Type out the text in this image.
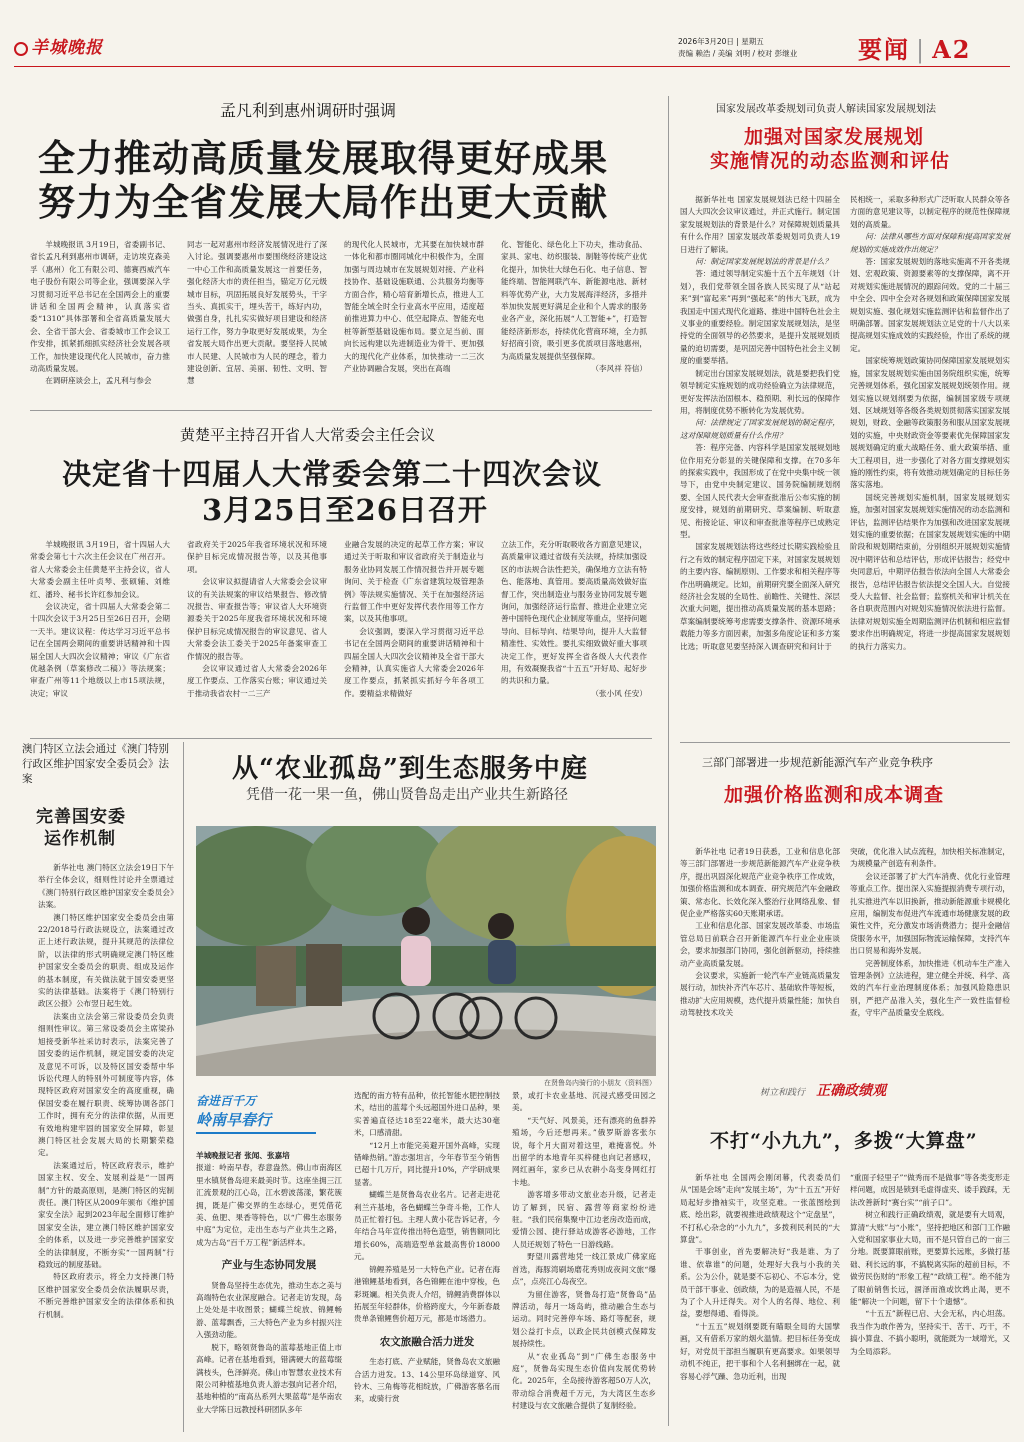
羊城晚报	2026年3月20日 | 星期五
责编 赖浩 / 美编 刘明 / 校对 彭继业	要闻 | A2
孟凡利到惠州调研时强调
全力推动高质量发展取得更好成果
努力为全省发展大局作出更大贡献

羊城晚报讯 3月19日，省委副书记、省长孟凡利到惠州市调研，走访埃克森美孚（惠州）化工有限公司、德赛西威汽车电子股份有限公司等企业，强调要深入学习贯彻习近平总书记在全国两会上的重要讲话和全国两会精神，认真落实省委“1310”具体部署和全省高质量发展大会、全省干部大会、省委城市工作会议工作安排，抓紧抓细抓实经济社会发展各项工作，加快建设现代化人民城市，奋力推动高质量发展。

在调研座谈会上，孟凡利与参会

同志一起对惠州市经济发展情况进行了深入讨论。强调要惠州市要围绕经济建设这一中心工作和高质量发展这一首要任务，强化经济大市的责任担当，锚定万亿元级城市目标，巩固拓展良好发展势头，干字当头、真抓实干，埋头苦干，练好内功，做强自身，扎扎实实做好项目建设和经济运行工作，努力争取更好发展成果，为全省发展大局作出更大贡献。要坚持人民城市人民建、人民城市为人民的理念，着力建设创新、宜居、美丽、韧性、文明、智慧

的现代化人民城市，尤其要在加快城市群一体化和都市圈同城化中积极作为，全面加强与周边城市在发展规划对接、产业科技协作、基础设施联通、公共服务均衡等方面合作，精心培育新增长点，推进人工智能全域全时全行业高水平应用，适度超前推进算力中心、低空起降点、智能充电桩等新型基础设施布局。要立足当前、面向长远构建以先进制造业为骨干、更加强大的现代化产业体系，加快推动一二三次产业协调融合发展，突出在高端

化、智能化、绿色化上下功夫，推动食品、家具、家电、纺织服装、制鞋等传统产业优化提升，加快壮大绿色石化、电子信息、智能终端、智能网联汽车、新能源电池、新材料等优势产业，大力发展海洋经济，多措并举加快发展更好满足企业和个人需求的服务业各产业，深化拓展“人工智能+”，打造智能经济新形态，持续优化营商环境，全力抓好招商引资，吸引更多优质项目落地惠州，为高质量发展提供坚强保障。

（李风祥 符信）
黄楚平主持召开省人大常委会主任会议
决定省十四届人大常委会第二十四次会议
3月25日至26日召开

羊城晚报讯 3月19日，省十四届人大常委会第七十六次主任会议在广州召开。省人大常委会主任黄楚平主持会议，省人大常委会副主任叶贞琴、张硕辅、刘维红、潘玲、秘书长许红参加会议。

会议决定，省十四届人大常委会第二十四次会议于3月25日至26日召开，会期一天半。建议议程：传达学习习近平总书记在全国两会期间的重要讲话精神和十四届全国人大四次会议精神；审议《广东省优越条例（草案修改二稿）》等法规案；审查广州等11个地级以上市15项法规，决定；审议

省政府关于2025年我省环境状况和环境保护目标完成情况报告等，以及其他事项。

会议审议拟提请省人大常委会会议审议的有关法规案的审议结果报告、修改情况报告、审查报告等；审议省人大环境资源委关于2025年度我省环境状况和环境保护目标完成情况报告的审议意见、省人大常委会法工委关于2025年备案审查工作情况的报告等。

会议审议通过省人大常委会2026年度工作要点、工作落实台账；审议通过关于推动我省农村一二三产

业融合发展的决定的起草工作方案；审议通过关于听取和审议省政府关于制造业与服务业协同发展工作情况报告并开展专题询问、关于检查《广东省建筑垃圾管理条例》等法规实施情况、关于在加强经济运行监督工作中更好发挥代表作用等工作方案，以及其他事项。

会议强调，要深入学习贯彻习近平总书记在全国两会期间的重要讲话精神和十四届全国人大四次会议精神及全省干部大会精神，认真实施省人大常委会2026年度工作要点，抓紧抓实抓好今年各项工作。要精益求精做好

立法工作，充分听取吸收各方面意见建议，高质量审议通过省级有关法规，持续加强设区的市法规合法性把关，确保地方立法有特色、能落地、真管用。要高质量高效做好监督工作，突出制造业与服务业协同发展专题询问，加强经济运行监督、推进企业建立完善中国特色现代企业制度等重点，坚持问题导向、目标导向、结果导向，提升人大监督精准性、实效性。要扎实细致做好重大事项决定工作，更好发挥全省各级人大代表作用，有效凝聚我省“十五五”开好局、起好步的共识和力量。

（张小风 任安）
国家发展改革委规划司负责人解读国家发展规划法
加强对国家发展规划
实施情况的动态监测和评估

据新华社电 国家发展规划法已经十四届全国人大四次会议审议通过，并正式施行。制定国家发展规划法的背景是什么？对保障规划质量具有什么作用？国家发展改革委规划司负责人19日进行了解读。

问：制定国家发展规划法的背景是什么？

答：通过领导制定实施十五个五年规划（计划），我们党带领全国各族人民实现了从“站起来”到“富起来”再到“强起来”的伟大飞跃，成为我国走中国式现代化道路、推进中国特色社会主义事业的重要经验。制定国家发展规划法，是坚持党的全面领导的必然要求，是提升发展规划质量的迫切需要，是巩固完善中国特色社会主义制度的重要举措。

制定出台国家发展规划法，就是要把我们党领导制定实施规划的成功经验确立为法律规范，更好发挥法治固根本、稳预期、利长远的保障作用，将制度优势不断转化为发展优势。

问：法律规定了国家发展规划的制定程序，这对保障规划质量有什么作用？

答：程序完备、内容科学是国家发展规划地位作用充分彰显的关键保障和支撑。在70多年的探索实践中，我国形成了在党中央集中统一领导下，由党中央制定建议、国务院编制规划纲要、全国人民代表大会审查批准后公布实施的制度安排，规划的前期研究、草案编制、听取意见、衔接论证、审议和审查批准等程序已成熟定型。

国家发展规划法将这些经过长期实践检验且行之有效的制定程序固定下来，对国家发展规划的主要内容、编制原则、工作要求和相关程序等作出明确规定。比如，前期研究要全面深入研究经济社会发展的全局性、前瞻性、关键性、深层次重大问题，提出推动高质量发展的基本思路；草案编制要统筹考虑需要支撑条件、资源环境承载能力等多方面因素，加强多角度论证和多方案比选；听取意见要坚持深入调查研究和问计于

民相统一，采取多种形式广泛听取人民群众等各方面的意见建议等，以制定程序的规范性保障规划的高质量。

问：法律从哪些方面对保障和提高国家发展规划的实施成效作出规定？

答：国家发展规划的落地实施离不开各类规划、宏观政策、资源要素等的支撑保障，离不开对规划实施进展情况的跟踪问效。党的二十届三中全会、四中全会对各规划和政策保障国家发展规划实施、强化规划实施监测评估和监督作出了明确部署。国家发展规划法立足党的十八大以来提高规划实施成效的实践经验，作出了系统的规定。

国家统筹规划政策协同保障国家发展规划实施，国家发展规划实施由国务院组织实施，统筹完善规划体系，强化国家发展规划统领作用。规划实施以规划纲要为依据，编制国家级专项规划、区域规划等各级各类规划贯彻落实国家发展规划，财政、金融等政策服务和服从国家发展规划的实施，中央财政资金等要素优先保障国家发展规划确定的重大战略任务、重大政策举措、重大工程项目，进一步强化了对各方面支撑规划实施的刚性约束，将有效推动规划确定的目标任务落实落地。

国统完善规划实施机制，国家发展规划实施，加强对国家发展规划实施情况的动态监测和评估，监测评估结果作为加强和改进国家发展规划实施的重要依据；在国家发展规划实施的中期阶段和规划期结束前，分别组织开展规划实施情况中期评估和总结评估，形成评估报告；经党中央同意后，中期评估报告依法向全国人大常委会报告，总结评估报告依法提交全国人大。自觉接受人大监督、社会监督；监察机关和审计机关在各自职责范围内对规划实施情况依法进行监督。法律对规划实施全周期监测评估机制和相应监督要求作出明确规定，将进一步提高国家发展规划的执行力落实力。

三部门部署进一步规范新能源汽车产业竞争秩序
加强价格监测和成本调查

新华社电 记者19日获悉，工业和信息化部等三部门部署进一步规范新能源汽车产业竞争秩序，提出巩固深化规范产业竞争秩序工作成效，加强价格监测和成本调查、研究规范汽车金融政策、常态化、长效化深入整治行业网络乱象、督促企业严格落实60天账期承诺。

工业和信息化部、国家发展改革委、市场监管总局日前联合召开新能源汽车行业企业座谈会，要求加强部门协同，强化创新驱动，持续推动产业高质量发展。

会议要求，实施新一轮汽车产业链高质量发展行动，加快补齐汽车芯片、基础软件等短板，推动扩大应用规模，迭代提升质量性能；加快自动驾驶技术攻关

突破，优化准入试点流程，加快相关标准制定，为规模量产创造有利条件。

会议还部署了扩大汽车消费、优化行业管理等重点工作。提出深入实施提振消费专项行动，扎实推进汽车以旧换新，推动新能源重卡规模化应用，编制发布促进汽车流通市场健康发展的政策性文件，充分激发市场消费潜力；提升金融信贷服务水平，加强国际物流运输保障，支持汽车出口贸易和海外发展。

完善制度体系，加快推进《机动车生产准入管理条例》立法进程，建立健全并统、科学、高效的汽车行业治理制度体系；加强风险隐患识别，严把产品准入关，强化生产一致性监督检查，守牢产品质量安全底线。

树立和践行 正确政绩观
不打“小九九”，多拨“大算盘”

新华社电 全国两会刚闭幕，代表委员们从“国是会场”走向“发展主场”，为“十五五”开好局起好步撸袖实干，攻坚克难。一张蓝图绘到底、绘出彩，就要视推进政绩观这个“定盘星”，不打私心杂念的“小九九”，多拨利民利民的“大算盘”。

干事创业，首先要解决好“我是谁、为了谁、依靠谁”的问题，处理好大我与小我的关系。公为公仆，就是要不忘初心、不忘本分，党员干部干事业、创政绩，为的是造福人民，不是为了个人升迁得失。对个人的名得、地位、利益，要想得通、看得淡。

“十五五”规划纲要既有瞄眼全局的大国擘画，又有借系万家的烟火温情。把目标任务变成好，对党员干部担当履职有更高要求。如果领导动机不纯正，把干事和个人名利捆绑在一起，就容易心浮气躁、急功近利，出现

“重面子轻里子”“做秀而不是做事”等各类变形走样问题，成因是锁到毛虚得虚夹、诿手践踩，无法改善新时“赛台实”“前子口”。

树立和践行正确政绩观，就是要有大局观，算清“大账”与“小账”，坚持把地区和部门工作融入党和国家事业大局，而不是只管自己的一亩三分地。既要算眼前账，更要算长远账，多做打基础、利长远的事，不搞脱离实际的超前目标，不做劳民伤财的“形象工程”“政绩工程”。绝不能为了眼前销售长远，涸泽而渔或饮鸩止渴，更不能“解决一个问题，留下十个遗憾”。

“十五五”新程已启、大会无私，内心坦荡。我当作为敢作善为，坚持实干、苦干、巧干，不搞小算盘、不搞小聪明，就能既为一域增光，又为全局添彩。

澳门特区立法会通过《澳门特别行政区维护国家安全委员会》法案
完善国安委
运作机制

新华社电 澳门特区立法会19日下午举行全体会议，细则性讨论并全票通过《澳门特别行政区维护国家安全委员会》法案。

澳门特区维护国家安全委员会由第22/2018号行政法规设立，法案通过改正上述行政法规，提升其规范的法律位阶，以法律的形式明确规定澳门特区维护国家安全委员会的职责、组成及运作的基本制度，有关做法就于国安委更坚实的法律基础。法案将于《澳门特别行政区公报》公布翌日起生效。

法案由立法会第三常设委员会负责细则性审议。第三常设委员会主席梁孙旭接受新华社采访时表示，法案完善了国安委的运作机制，规定国安委的决定及意见不可诉，以及特区国安委帮中华诉讼代理人的特别外可制度等内容，体现特区政府对国家安全的高度重视，确保国安委在履行职责、统筹协调各部门工作时，拥有充分的法律依据，从而更有效地构建牢固的国家安全屏障，彰显澳门特区社会发展大局的长期繁荣稳定。

法案通过后，特区政府表示，维护国家主权、安全、发展利益是“一国两制”方针的最高原则，是澳门特区的宪制责任。澳门特区从2009年颁布《维护国家安全法》起到2023年起全面修订维护国家安全法，建立澳门特区维护国家安全的体系，以及进一步完善维护国家安全的法律制度，不断夯实“一国两制”行稳致远的制度基础。

特区政府表示，将全力支持澳门特区维护国家安全委员会依法履职尽责，不断完善维护国家安全的法律体系和执行机制。

从“农业孤岛”到生态服务中庭
凭借一花一果一鱼，佛山贤鲁岛走出产业共生新路径
在贤鲁岛内骑行的小朋友（资料图）
奋进百千万
岭南早春行
羊城晚报记者 张闻、张嘉培

报道：岭南早春，春意盎然。佛山市南海区里水镇贤鲁岛迎来最美时节。这座坐拥三江汇流景观的江心岛，江水碧波荡漾，繁花簇拥，既是广佛交界的生态绿心，更凭借花美、鱼肥、果香等特色，以“广佛生态服务中庭”为定位，走出生态与产业共生之路，成为古岛“百千万工程”新活样本。

产业与生态协同发展

贤鲁岛坚持生态优先，推动生态之美与高端特色农业深度融合。记者走访发现，岛上处处是丰收图景；蝴蝶兰绽放、锦鲤畅游、蓝莓飘香，三大特色产业为乡村振兴注入强劲动能。

脱下，略领贤鲁岛的蓝莓基地正值上市高峰。记者在基地看到，错满硬大的蓝莓缀满枝头，色泽鲜亮。佛山市智慧农业技术有限公司种植基地负责人游志强向记者介绍，基地种植的“南高丛系列大果蓝莓”是华南农业大学陈日远教授科研团队多年

选配的南方特有品种，依托智能水肥控制技术，结出的蓝莓个头远超国外进口品种，果实普遍直径达18至22毫米，最大达30毫米，口感清甜。

“12月上市能完美避开国外高峰，实现错峰热销。”游志强坦言，今年春节至今销售已超十几万斤，同比提升10%，产学研成果显著。

蝴蝶兰是贤鲁岛农业名片。记者走进花利兰卉基地，各色蝴蝶兰争奇斗艳，工作人员正忙着打包。主理人黄小花告诉记者，今年结合马年宣传推出特色造型，销售额同比增长60%，高端造型单盆最高售价18000元。

锦鲤养殖是另一大特色产业。记者在海港锦鲤基地看到，各色锦鲤在池中穿梭，色彩斑斓。相关负责人介绍，锦鲤消费群体以拓展至年轻群体，价格跨度大，今年新春最贵单条锦鲤售价超万元，都是市场潜力。

农文旅融合活力迸发

生态打底、产业赋能，贤鲁岛农文旅融合活力迸发。13、14公里环岛绿道穿、风铃木、三角梅等花相绽放，广佛游客慕名而来，或骑行赏

景，或打卡农业基地、沉浸式感受田园之美。

“天气好、风景美，还有漂亮的鱼群养殖场，今后还想再来。”俄罗斯游客张尔说，每个月大面对着这里，难掩喜悦。外出留学的本地青年买梓健也向记者感叹，网红画年，家乡已从农耕小岛变身网红打卡地。

游客增多带动文旅业态升级，记者走访了解到，民宿、露营等商家纷纷进驻。“我们民宿集聚中江边老房改造而成，爱情公园、捷行驿站成游客必游地，工作人员还规划了特色一日游线路。

野望川露营地凭一线江景成广佛家庭首选，海豚湾刷场磨花秀则成夜间文旅“爆点”，点亮江心岛夜空。

为留住游客，贤鲁岛打造“贤鲁岛”品牌活动，每月一场岛屿，推动融合生态与运动。同时完善停车场、路灯等配套，规划公益打卡点，以政企民共创模式保障发展持续性。

从“农业孤岛”到“广佛生态服务中庭”，贤鲁岛实现生态价值向发展优势转化。2025年，全岛接待游客超50万人次，带动综合消费超千万元，为大湾区生态乡村建设与农文旅融合提供了复制经验。
